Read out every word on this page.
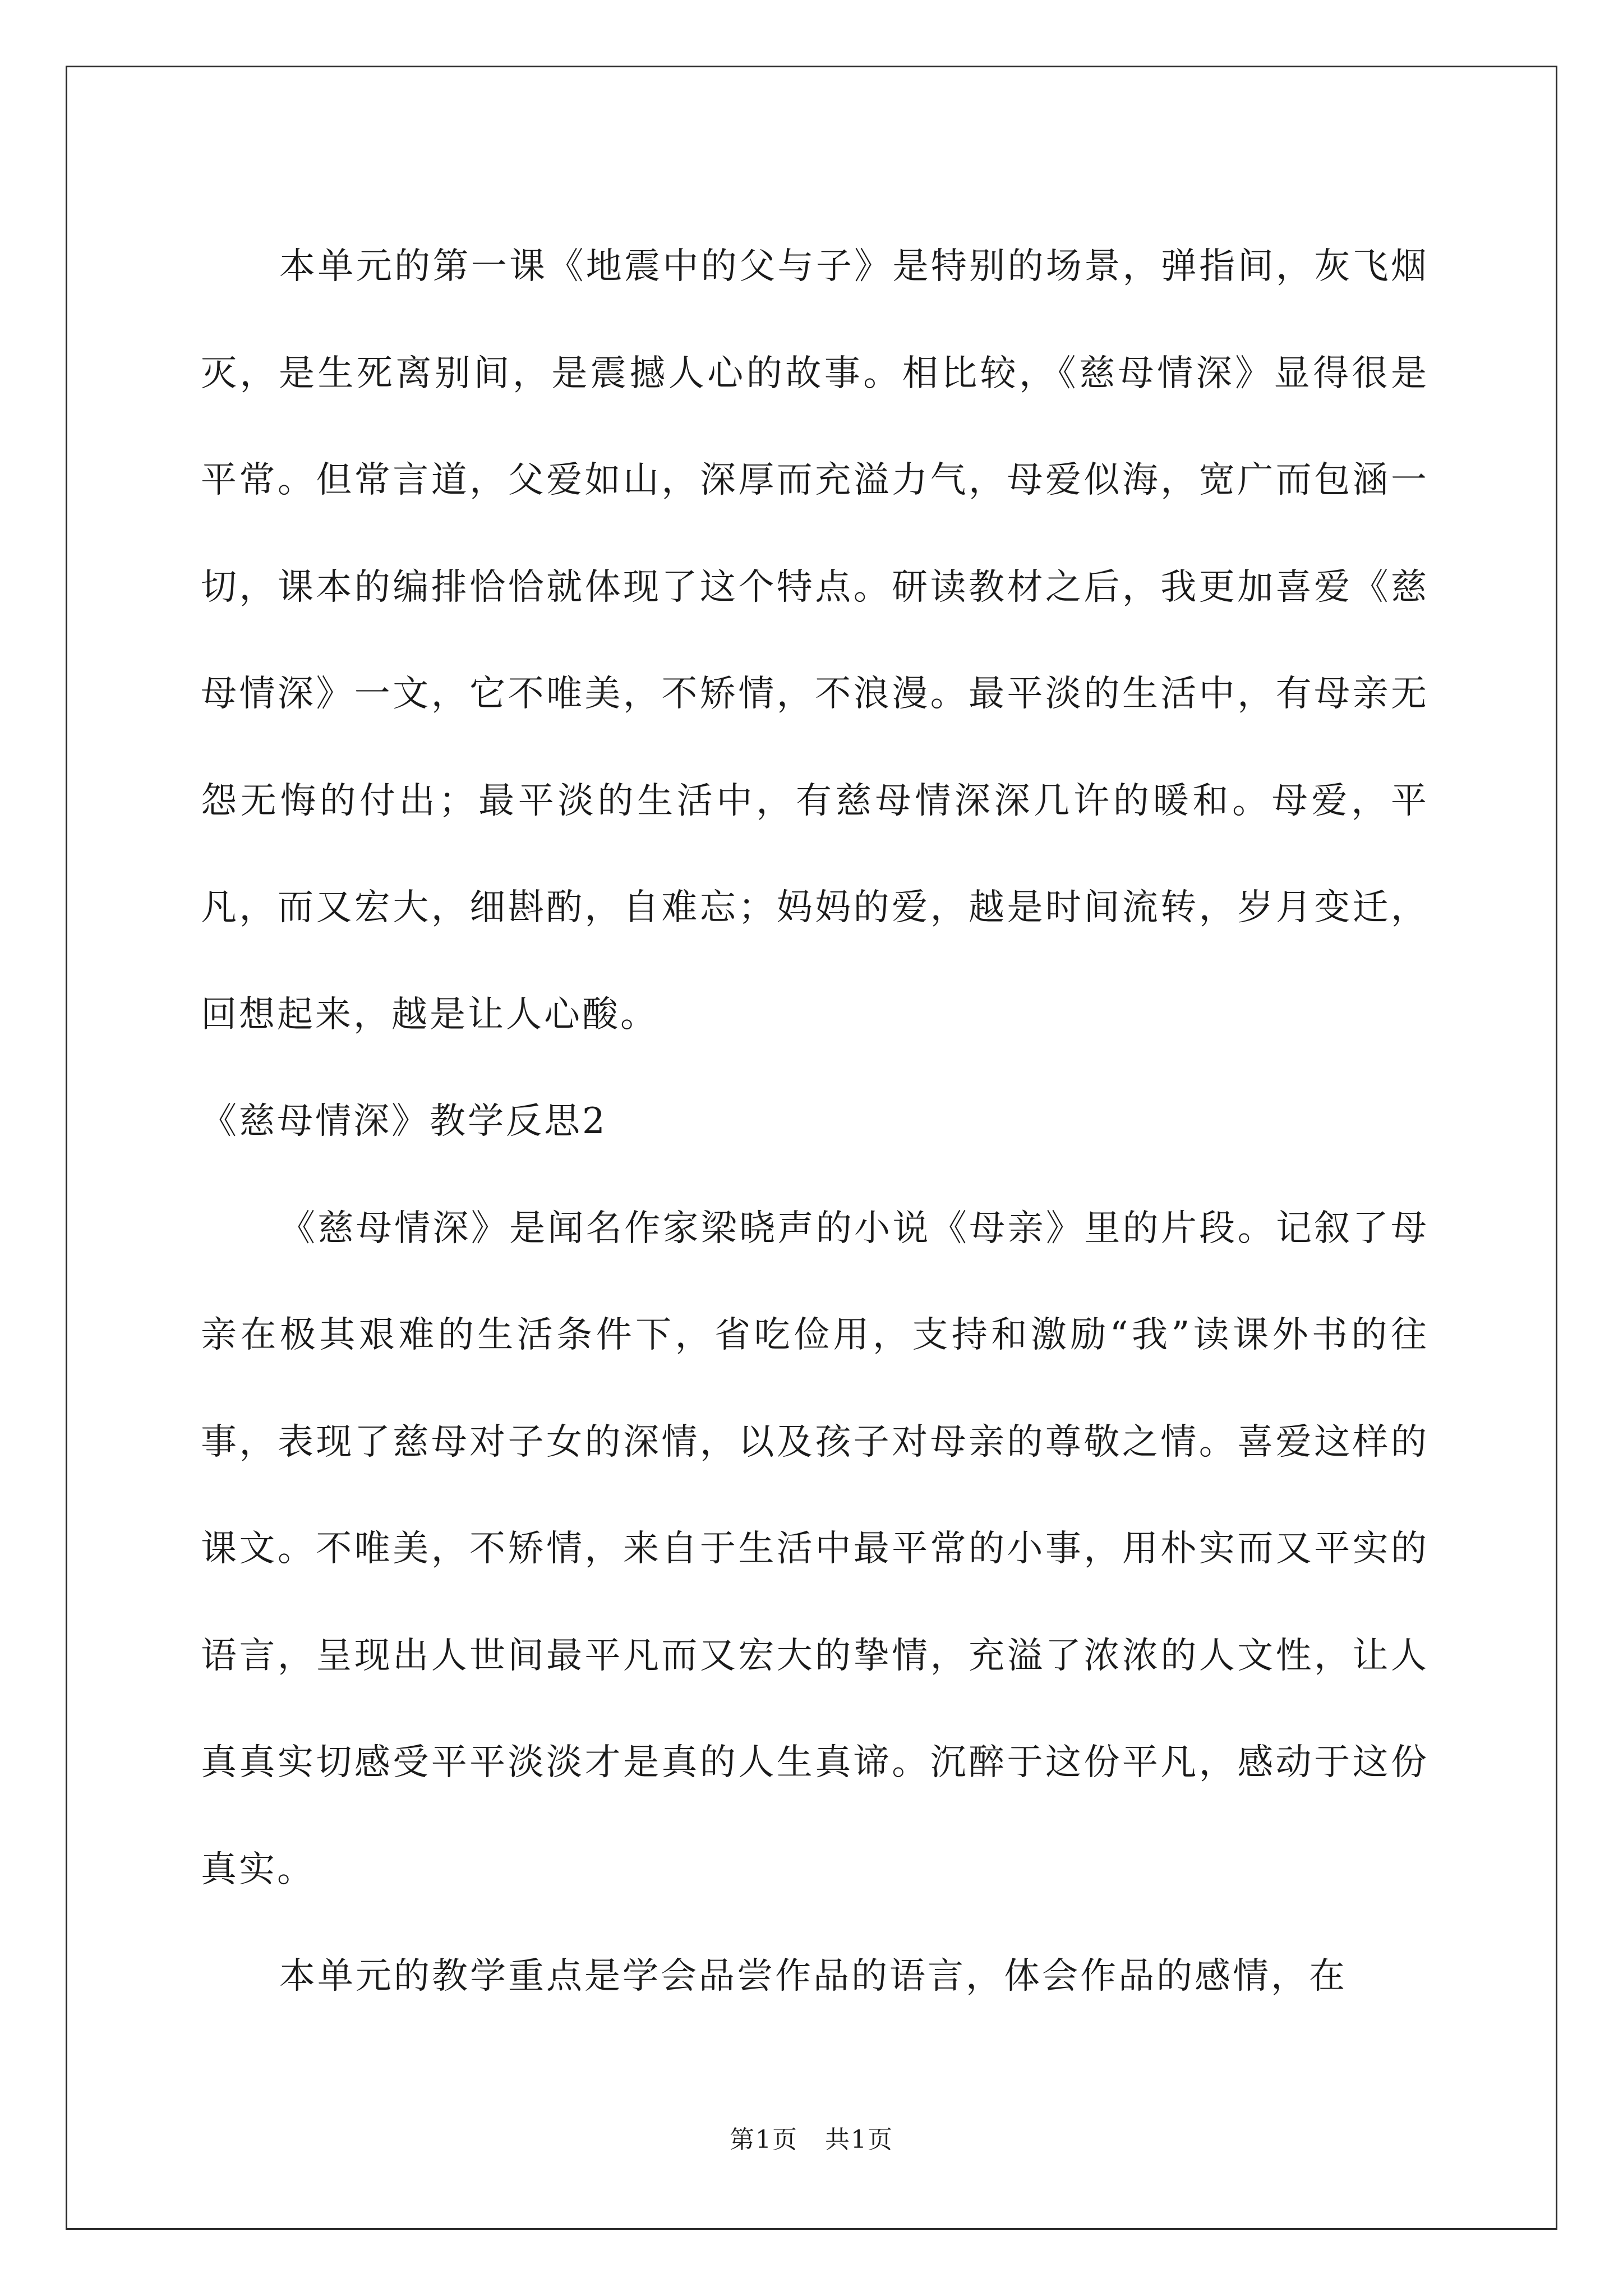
本单元的第一课《地震中的父与子》是特别的场景，弹指间，灰飞烟灭，是生死离别间，是震撼人心的故事。相比较，《慈母情深》显得很是平常。但常言道，父爱如山，深厚而充溢力气，母爱似海，宽广而包涵一切，课本的编排恰恰就体现了这个特点。研读教材之后，我更加喜爱《慈母情深》一文，它不唯美，不矫情，不浪漫。最平淡的生活中，有母亲无怨无悔的付出；最平淡的生活中，有慈母情深深几许的暖和。母爱，平凡，而又宏大，细斟酌，自难忘；妈妈的爱，越是时间流转，岁月变迁，回想起来，越是让人心酸。

《慈母情深》教学反思2

《慈母情深》是闻名作家梁晓声的小说《母亲》里的片段。记叙了母亲在极其艰难的生活条件下，省吃俭用，支持和激励“我”读课外书的往事，表现了慈母对子女的深情，以及孩子对母亲的尊敬之情。喜爱这样的课文。不唯美，不矫情，来自于生活中最平常的小事，用朴实而又平实的语言，呈现出人世间最平凡而又宏大的挚情，充溢了浓浓的人文性，让人真真实切感受平平淡淡才是真的人生真谛。沉醉于这份平凡，感动于这份真实。

本单元的教学重点是学会品尝作品的语言，体会作品的感情，在

第1页   共1页
